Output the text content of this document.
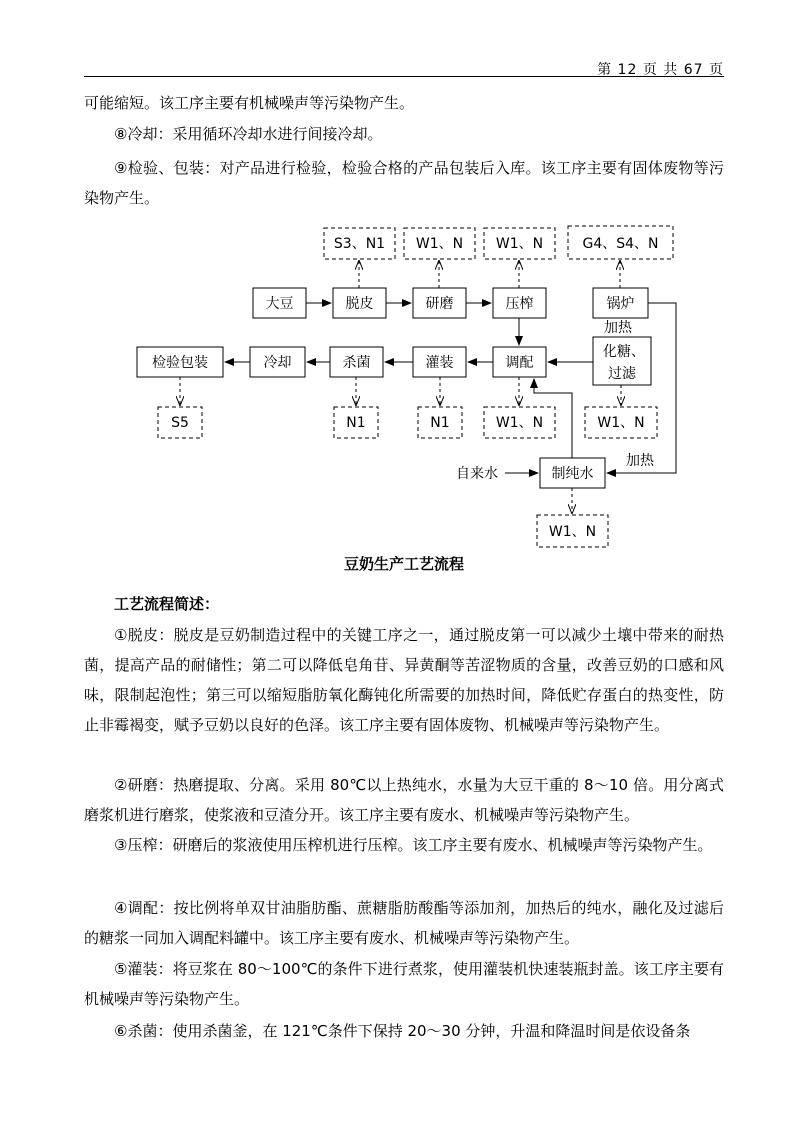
第 12 页 共 67 页

可能缩短。该工序主要有机械噪声等污染物产生。

⑧冷却：采用循环冷却水进行间接冷却。

⑨检验、包装：对产品进行检验，检验合格的产品包装后入库。该工序主要有固体废物等污染物产生。

大豆	脱皮	研磨	压榨	锅炉
调配
灌装
杀菌
冷却
检验包装
化糖、
过滤
制纯水
S3、N1 W1、N W1、N	G4、S4、N
S5	N1	N1	W1、N	W1、N
W1、N
加热
加热
自来水
豆奶生产工艺流程
工艺流程简述：

①脱皮：脱皮是豆奶制造过程中的关键工序之一，通过脱皮第一可以减少土壤中带来的耐热菌，提高产品的耐储性；第二可以降低皂角苷、异黄酮等苦涩物质的含量，改善豆奶的口感和风味，限制起泡性；第三可以缩短脂肪氧化酶钝化所需要的加热时间，降低贮存蛋白的热变性，防止非霉褐变，赋予豆奶以良好的色泽。该工序主要有固体废物、机械噪声等污染物产生。

②研磨：热磨提取、分离。采用 80℃以上热纯水，水量为大豆干重的 8～10 倍。用分离式磨浆机进行磨浆，使浆液和豆渣分开。该工序主要有废水、机械噪声等污染物产生。

③压榨：研磨后的浆液使用压榨机进行压榨。该工序主要有废水、机械噪声等污染物产生。

④调配：按比例将单双甘油脂肪酯、蔗糖脂肪酸酯等添加剂，加热后的纯水，融化及过滤后的糖浆一同加入调配料罐中。该工序主要有废水、机械噪声等污染物产生。

⑤灌装：将豆浆在 80～100℃的条件下进行煮浆，使用灌装机快速装瓶封盖。该工序主要有机械噪声等污染物产生。

⑥杀菌：使用杀菌釜，在 121℃条件下保持 20～30 分钟，升温和降温时间是依设备条
